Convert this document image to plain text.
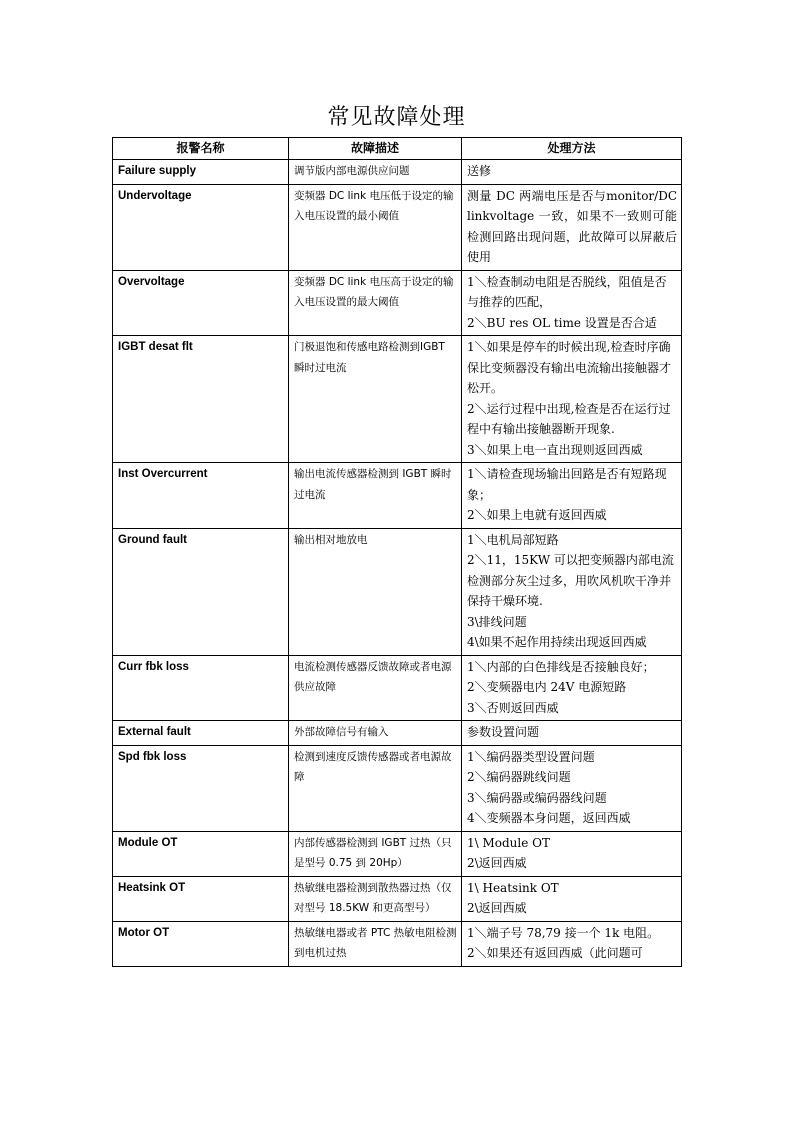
常见故障处理
报警名称	故障描述	处理方法
Failure supply	调节版内部电源供应问题	送修

Undervoltage	变频器 DC link 电压低于设定的输入电压设置的最小阈值	测量 DC 两端电压是否与monitor/DC linkvoltage 一致，如果不一致则可能检测回路出现问题，此故障可以屏蔽后使用

Overvoltage	变频器 DC link 电压高于设定的输入电压设置的最大阈值	1＼检查制动电阻是否脱线，阻值是否与推荐的匹配，
2＼BU res OL time 设置是否合适

IGBT desat flt	门极退饱和传感电路检测到IGBT 瞬时过电流	1＼如果是停车的时候出现,检查时序确保比变频器没有输出电流输出接触器才松开。
2＼运行过程中出现,检查是否在运行过程中有输出接触器断开现象.
3＼如果上电一直出现则返回西威

Inst Overcurrent	输出电流传感器检测到 IGBT 瞬时过电流	1＼请检查现场输出回路是否有短路现象；
2＼如果上电就有返回西威

Ground fault	输出相对地放电	1＼电机局部短路
2＼11，15KW 可以把变频器内部电流检测部分灰尘过多，用吹风机吹干净并保持干燥环境.
3\排线问题
4\如果不起作用持续出现返回西威

Curr fbk loss	电流检测传感器反馈故障或者电源供应故障	1＼内部的白色排线是否接触良好；
2＼变频器电内 24V 电源短路
3＼否则返回西威

External fault	外部故障信号有输入	参数设置问题

Spd fbk loss	检测到速度反馈传感器或者电源故障	1＼编码器类型设置问题
2＼编码器跳线问题
3＼编码器或编码器线问题
4＼变频器本身问题，返回西威

Module OT	内部传感器检测到 IGBT 过热（只是型号 0.75 到 20Hp）	1\ Module OT
2\返回西威

Heatsink OT	热敏继电器检测到散热器过热（仅对型号 18.5KW 和更高型号）	1\ Heatsink OT
2\返回西威

Motor OT	热敏继电器或者 PTC 热敏电阻检测到电机过热	1＼端子号 78,79 接一个 1k 电阻。
2＼如果还有返回西威（此问题可
